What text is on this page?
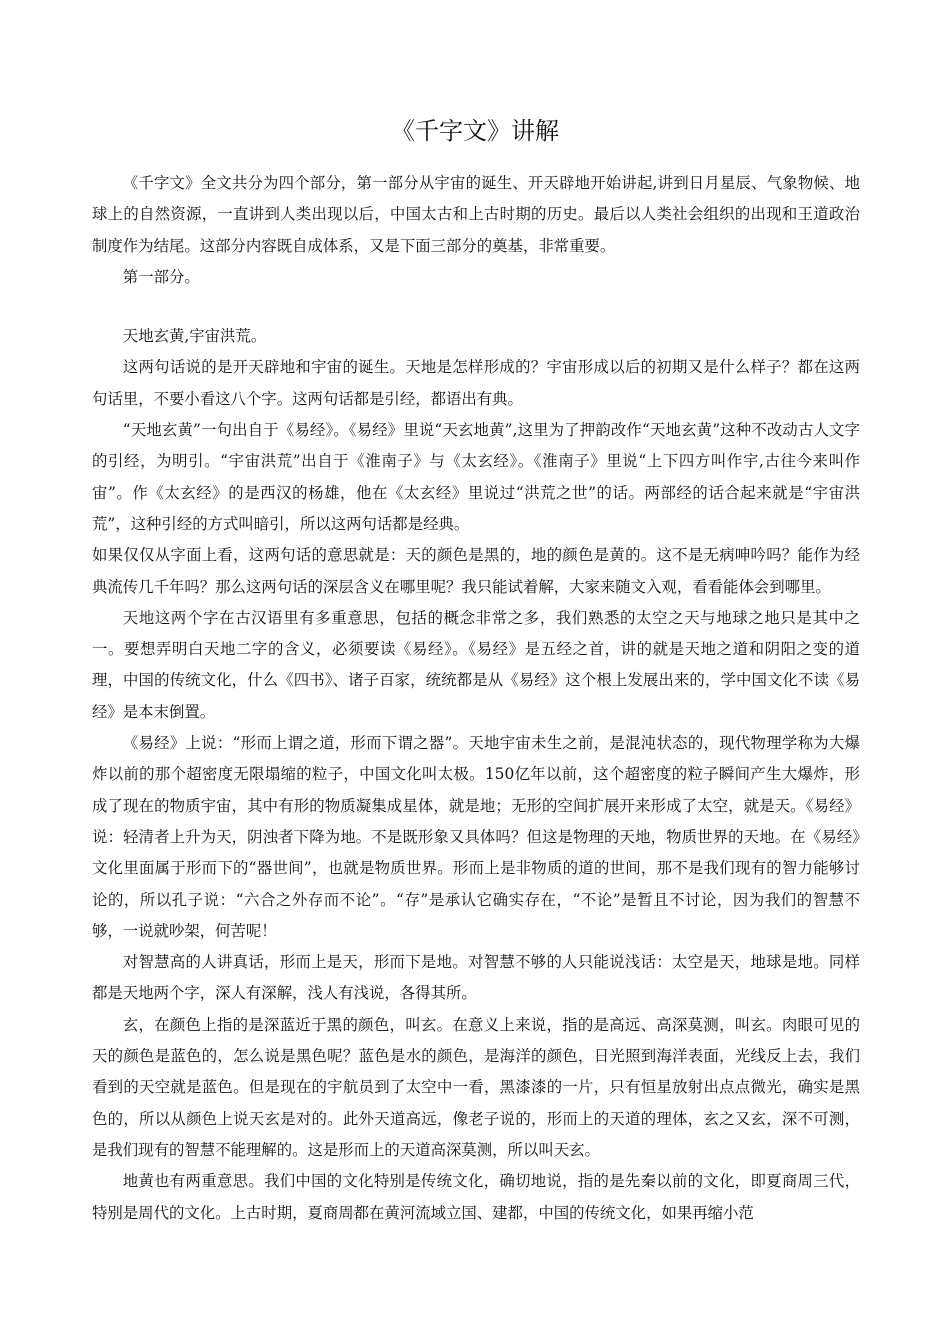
《千字文》讲解

《千字文》全文共分为四个部分，第一部分从宇宙的诞生、开天辟地开始讲起,讲到日月星辰、气象物候、地球上的自然资源，一直讲到人类出现以后，中国太古和上古时期的历史。最后以人类社会组织的出现和王道政治制度作为结尾。这部分内容既自成体系，又是下面三部分的奠基，非常重要。

第一部分。

天地玄黄,宇宙洪荒。

这两句话说的是开天辟地和宇宙的诞生。天地是怎样形成的？宇宙形成以后的初期又是什么样子？都在这两句话里，不要小看这八个字。这两句话都是引经，都语出有典。

“天地玄黄”一句出自于《易经》。《易经》里说“天玄地黄”,这里为了押韵改作“天地玄黄”这种不改动古人文字的引经，为明引。“宇宙洪荒”出自于《淮南子》与《太玄经》。《淮南子》里说“上下四方叫作宇,古往今来叫作宙”。作《太玄经》的是西汉的杨雄，他在《太玄经》里说过“洪荒之世”的话。两部经的话合起来就是“宇宙洪荒”，这种引经的方式叫暗引，所以这两句话都是经典。

如果仅仅从字面上看，这两句话的意思就是：天的颜色是黑的，地的颜色是黄的。这不是无病呻吟吗？能作为经典流传几千年吗？那么这两句话的深层含义在哪里呢？我只能试着解，大家来随文入观，看看能体会到哪里。

天地这两个字在古汉语里有多重意思，包括的概念非常之多，我们熟悉的太空之天与地球之地只是其中之一。要想弄明白天地二字的含义，必须要读《易经》。《易经》是五经之首，讲的就是天地之道和阴阳之变的道理，中国的传统文化，什么《四书》、诸子百家，统统都是从《易经》这个根上发展出来的，学中国文化不读《易经》是本末倒置。

《易经》上说：“形而上谓之道，形而下谓之器”。天地宇宙未生之前，是混沌状态的，现代物理学称为大爆炸以前的那个超密度无限塌缩的粒子，中国文化叫太极。150亿年以前，这个超密度的粒子瞬间产生大爆炸，形成了现在的物质宇宙，其中有形的物质凝集成星体，就是地；无形的空间扩展开来形成了太空，就是天。《易经》说：轻清者上升为天，阴浊者下降为地。不是既形象又具体吗？但这是物理的天地，物质世界的天地。在《易经》文化里面属于形而下的“器世间”，也就是物质世界。形而上是非物质的道的世间，那不是我们现有的智力能够讨论的，所以孔子说：“六合之外存而不论”。“存”是承认它确实存在，“不论”是暂且不讨论，因为我们的智慧不够，一说就吵架，何苦呢！

对智慧高的人讲真话，形而上是天，形而下是地。对智慧不够的人只能说浅话：太空是天，地球是地。同样都是天地两个字，深人有深解，浅人有浅说，各得其所。

玄，在颜色上指的是深蓝近于黑的颜色，叫玄。在意义上来说，指的是高远、高深莫测，叫玄。肉眼可见的天的颜色是蓝色的，怎么说是黑色呢？蓝色是水的颜色，是海洋的颜色，日光照到海洋表面，光线反上去，我们看到的天空就是蓝色。但是现在的宇航员到了太空中一看，黑漆漆的一片，只有恒星放射出点点微光，确实是黑色的，所以从颜色上说天玄是对的。此外天道高远，像老子说的，形而上的天道的理体，玄之又玄，深不可测，是我们现有的智慧不能理解的。这是形而上的天道高深莫测，所以叫天玄。

地黄也有两重意思。我们中国的文化特别是传统文化，确切地说，指的是先秦以前的文化，即夏商周三代，特别是周代的文化。上古时期，夏商周都在黄河流域立国、建都，中国的传统文化，如果再缩小范
